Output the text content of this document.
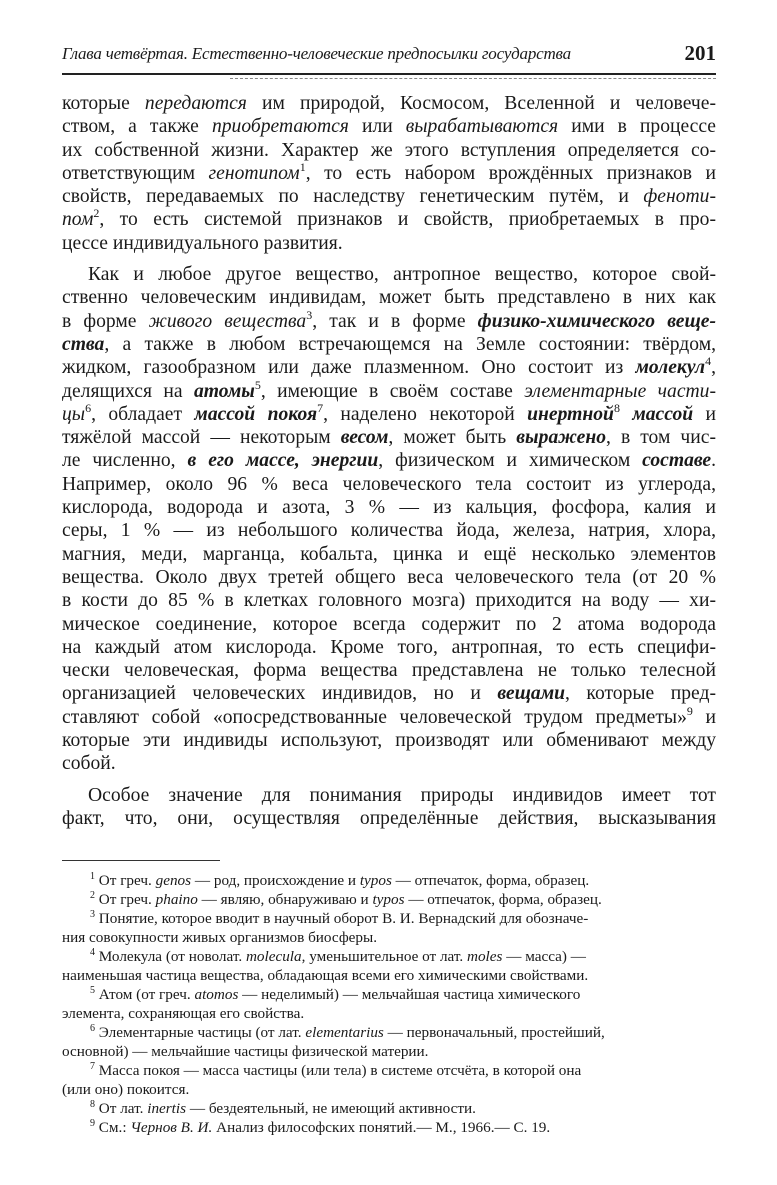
Глава четвёртая. Естественно-человеческие предпосылки государства	201
которые передаются им природой, Космосом, Вселенной и человече-
ством, а также приобретаются или вырабатываются ими в процессе
их собственной жизни. Характер же этого вступления определяется со-
ответствующим генотипом$^1$, то есть набором врождённых признаков и
свойств, передаваемых по наследству генетическим путём, и феноти-
пом$^2$, то есть системой признаков и свойств, приобретаемых в про-
цессе индивидуального развития.
Как и любое другое вещество, антропное вещество, которое свой-
ственно человеческим индивидам, может быть представлено в них как
в форме живого вещества$^3$, так и в форме физико-химического веще-
ства, а также в любом встречающемся на Земле состоянии: твёрдом,
жидком, газообразном или даже плазменном. Оно состоит из молекул$^4$,
делящихся на атомы$^5$, имеющие в своём составе элементарные части-
$цы^6$, обладает массой покоя$^7$, наделено некоторой инертной$^8$ массой и
тяжёлой массой — некоторым весом, может быть выражено, в том чис-
ле численно, в его массе, энергии, физическом и химическом составе.
Например, около 96 % веса человеческого тела состоит из углерода,
кислорода, водорода и азота, 3 % — из кальция, фосфора, калия и
серы, 1 % — из небольшого количества йода, железа, натрия, хлора,
магния, меди, марганца, кобальта, цинка и ещё несколько элементов
вещества. Около двух третей общего веса человеческого тела (от 20 %
в кости до 85 % в клетках головного мозга) приходится на воду — хи-
мическое соединение, которое всегда содержит по 2 атома водорода
на каждый атом кислорода. Кроме того, антропная, то есть специфи-
чески человеческая, форма вещества представлена не только телесной
организацией человеческих индивидов, но и вещами, которые пред-
ставляют собой «опосредствованные человеческой трудом предметы»$^9$ и
которые эти индивиды используют, производят или обменивают между
собой.
Особое значение для понимания природы индивидов имеет тот
факт, что, они, осуществляя определённые действия, высказывания
$^1$ От греч. genos — род, происхождение и typos — отпечаток, форма, образец.
$^2$ От греч. phaino — являю, обнаруживаю и typos — отпечаток, форма, образец.
$^3$ Понятие, которое вводит в научный оборот В. И. Вернадский для обозначе-
ния совокупности живых организмов биосферы.
$^4$ Молекула (от новолат. molecula, уменьшительное от лат. moles — масса) —
наименьшая частица вещества, обладающая всеми его химическими свойствами.
$^5$ Атом (от греч. atomos — неделимый) — мельчайшая частица химического
элемента, сохраняющая его свойства.
$^6$ Элементарные частицы (от лат. elementarius — первоначальный, простейший,
основной) — мельчайшие частицы физической материи.
$^7$ Масса покоя — масса частицы (или тела) в системе отсчёта, в которой она
(или оно) покоится.
$^8$ От лат. inertis — бездеятельный, не имеющий активности.
$^9$ См.: Чернов В. И. Анализ философских понятий.— М., 1966.— С. 19.
